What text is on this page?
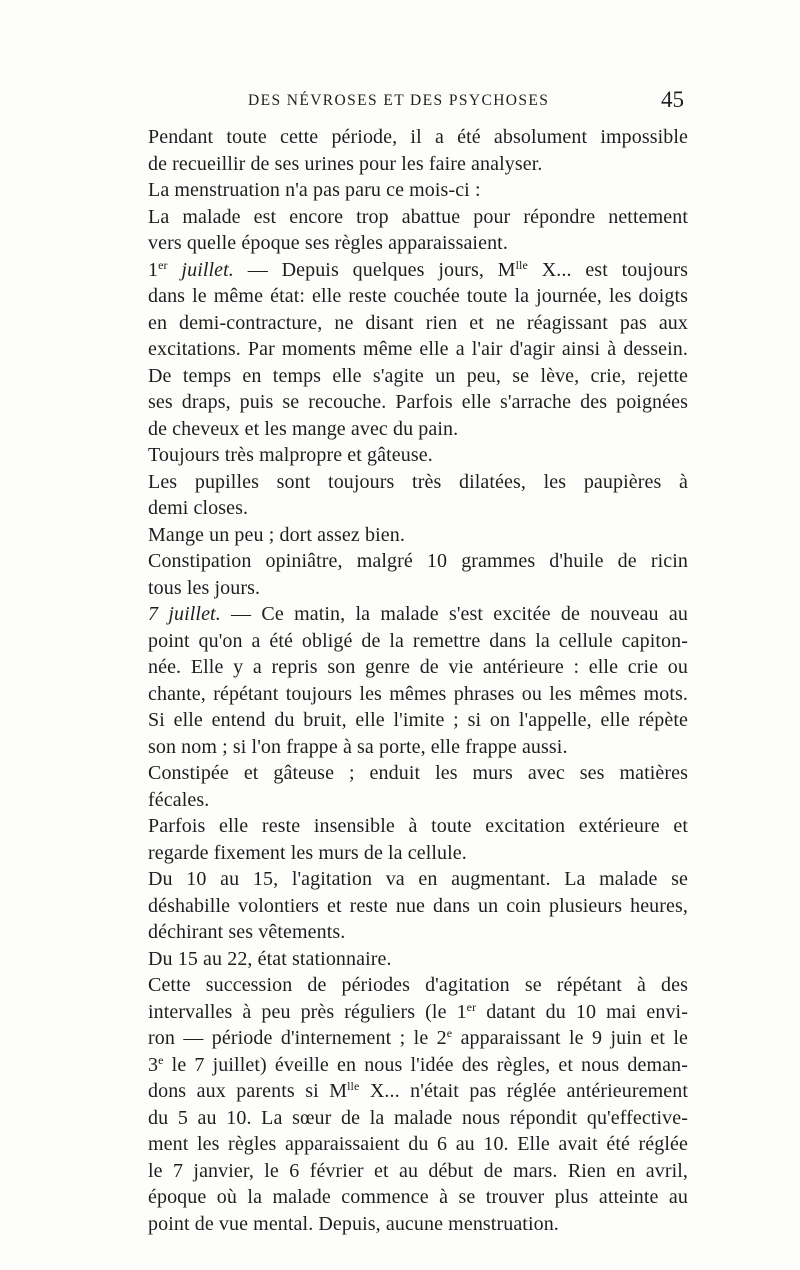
DES NÉVROSES ET DES PSYCHOSES	45
Pendant toute cette période, il a été absolument impossible
de recueillir de ses urines pour les faire analyser.
La menstruation n'a pas paru ce mois-ci :
La malade est encore trop abattue pour répondre nettement
vers quelle époque ses règles apparaissaient.
1er juillet. — Depuis quelques jours, $M^{lle}$ X... est toujours
dans le même état: elle reste couchée toute la journée, les doigts
en demi-contracture, ne disant rien et ne réagissant pas aux
excitations. Par moments même elle a l'air d'agir ainsi à dessein.
De temps en temps elle s'agite un peu, se lève, crie, rejette
ses draps, puis se recouche. Parfois elle s'arrache des poignées
de cheveux et les mange avec du pain.
Toujours très malpropre et gâteuse.
Les pupilles sont toujours très dilatées, les paupières à
demi closes.
Mange un peu ; dort assez bien.
Constipation opiniâtre, malgré 10 grammes d'huile de ricin
tous les jours.
7 juillet. — Ce matin, la malade s'est excitée de nouveau au
point qu'on a été obligé de la remettre dans la cellule capiton-
née. Elle y a repris son genre de vie antérieure : elle crie ou
chante, répétant toujours les mêmes phrases ou les mêmes mots.
Si elle entend du bruit, elle l'imite ; si on l'appelle, elle répète
son nom ; si l'on frappe à sa porte, elle frappe aussi.
Constipée et gâteuse ; enduit les murs avec ses matières
fécales.
Parfois elle reste insensible à toute excitation extérieure et
regarde fixement les murs de la cellule.
Du 10 au 15, l'agitation va en augmentant. La malade se
déshabille volontiers et reste nue dans un coin plusieurs heures,
déchirant ses vêtements.
Du 15 au 22, état stationnaire.
Cette succession de périodes d'agitation se répétant à des
intervalles à peu près réguliers (le 1er datant du 10 mai envi-
ron — période d'internement ; le 2e apparaissant le 9 juin et le
3e le 7 juillet) éveille en nous l'idée des règles, et nous deman-
dons aux parents si $M^{lle}$ X... n'était pas réglée antérieurement
du 5 au 10. La sœur de la malade nous répondit qu'effective-
ment les règles apparaissaient du 6 au 10. Elle avait été réglée
le 7 janvier, le 6 février et au début de mars. Rien en avril,
époque où la malade commence à se trouver plus atteinte au
point de vue mental. Depuis, aucune menstruation.
